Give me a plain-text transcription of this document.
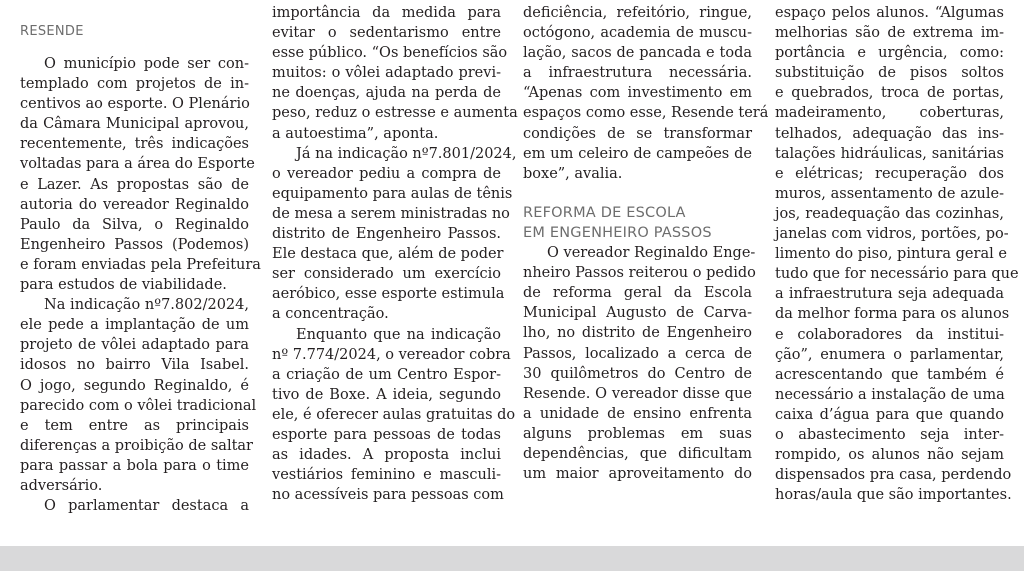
RESENDE

O município pode ser con-
templado com projetos de in-
centivos ao esporte. O Plenário
da Câmara Municipal aprovou,
recentemente, três indicações
voltadas para a área do Esporte
e Lazer. As propostas são de
autoria do vereador Reginaldo
Paulo da Silva, o Reginaldo
Engenheiro Passos (Podemos)
e foram enviadas pela Prefeitura
para estudos de viabilidade.
Na indicação nº7.802/2024,
ele pede a implantação de um
projeto de vôlei adaptado para
idosos no bairro Vila Isabel.
O jogo, segundo Reginaldo, é
parecido com o vôlei tradicional
e tem entre as principais
diferenças a proibição de saltar
para passar a bola para o time
adversário.
O parlamentar destaca a
importância da medida para
evitar o sedentarismo entre
esse público. “Os benefícios são
muitos: o vôlei adaptado previ-
ne doenças, ajuda na perda de
peso, reduz o estresse e aumenta
a autoestima”, aponta.
Já na indicação nº7.801/2024,
o vereador pediu a compra de
equipamento para aulas de tênis
de mesa a serem ministradas no
distrito de Engenheiro Passos.
Ele destaca que, além de poder
ser considerado um exercício
aeróbico, esse esporte estimula
a concentração.
Enquanto que na indicação
nº 7.774/2024, o vereador cobra
a criação de um Centro Espor-
tivo de Boxe. A ideia, segundo
ele, é oferecer aulas gratuitas do
esporte para pessoas de todas
as idades. A proposta inclui
vestiários feminino e masculi-
no acessíveis para pessoas com
deficiência, refeitório, ringue,
octógono, academia de muscu-
lação, sacos de pancada e toda
a infraestrutura necessária.
“Apenas com investimento em
espaços como esse, Resende terá
condições de se transformar
em um celeiro de campeões de
boxe”, avalia.
REFORMA DE ESCOLA
EM ENGENHEIRO PASSOS
O vereador Reginaldo Enge-
nheiro Passos reiterou o pedido
de reforma geral da Escola
Municipal Augusto de Carva-
lho, no distrito de Engenheiro
Passos, localizado a cerca de
30 quilômetros do Centro de
Resende. O vereador disse que
a unidade de ensino enfrenta
alguns problemas em suas
dependências, que dificultam
um maior aproveitamento do
espaço pelos alunos. “Algumas
melhorias são de extrema im-
portância e urgência, como:
substituição de pisos soltos
e quebrados, troca de portas,
madeiramento, coberturas,
telhados, adequação das ins-
talações hidráulicas, sanitárias
e elétricas; recuperação dos
muros, assentamento de azule-
jos, readequação das cozinhas,
janelas com vidros, portões, po-
limento do piso, pintura geral e
tudo que for necessário para que
a infraestrutura seja adequada
da melhor forma para os alunos
e colaboradores da institui-
ção”, enumera o parlamentar,
acrescentando que também é
necessário a instalação de uma
caixa d’água para que quando
o abastecimento seja inter-
rompido, os alunos não sejam
dispensados pra casa, perdendo
horas/aula que são importantes.
